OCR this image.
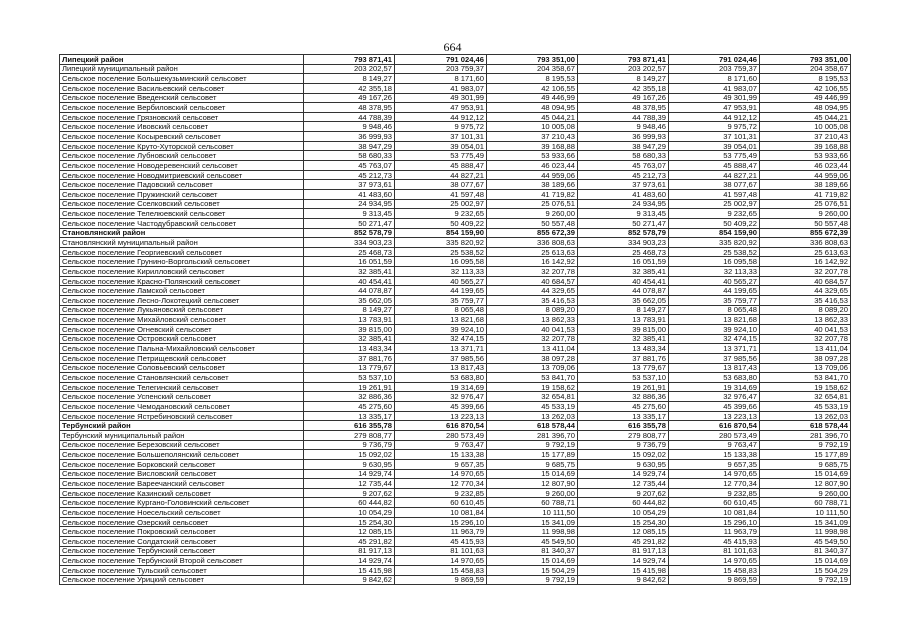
664
Липецкий район	793 871,41	791 024,46	793 351,00	793 871,41	791 024,46	793 351,00
Липецкий муниципальный район	203 202,57	203 759,37	204 358,67	203 202,57	203 759,37	204 358,67
Сельское поселение Большекузьминский сельсовет	8 149,27	8 171,60	8 195,53	8 149,27	8 171,60	8 195,53
Сельское поселение Васильевский сельсовет	42 355,18	41 983,07	42 106,55	42 355,18	41 983,07	42 106,55
Сельское поселение Введенский сельсовет	49 167,26	49 301,99	49 446,99	49 167,26	49 301,99	49 446,99
Сельское поселение Вербиловский сельсовет	48 378,95	47 953,91	48 094,95	48 378,95	47 953,91	48 094,95
Сельское поселение Грязновский сельсовет	44 788,39	44 912,12	45 044,21	44 788,39	44 912,12	45 044,21
Сельское поселение Ивовский сельсовет	9 948,46	9 975,72	10 005,08	9 948,46	9 975,72	10 005,08
Сельское поселение Косыревский сельсовет	36 999,93	37 101,31	37 210,43	36 999,93	37 101,31	37 210,43
Сельское поселение Круто-Хуторской сельсовет	38 947,29	39 054,01	39 168,88	38 947,29	39 054,01	39 168,88
Сельское поселение Лубновский сельсовет	58 680,33	53 775,49	53 933,66	58 680,33	53 775,49	53 933,66
Сельское поселение Новодеревенский сельсовет	45 763,07	45 888,47	46 023,44	45 763,07	45 888,47	46 023,44
Сельское поселение Новодмитриевский сельсовет	45 212,73	44 827,21	44 959,06	45 212,73	44 827,21	44 959,06
Сельское поселение Падовский сельсовет	37 973,61	38 077,67	38 189,66	37 973,61	38 077,67	38 189,66
Сельское поселение Пружинский сельсовет	41 483,60	41 597,48	41 719,82	41 483,60	41 597,48	41 719,82
Сельское поселение Сселковский сельсовет	24 934,95	25 002,97	25 076,51	24 934,95	25 002,97	25 076,51
Сельское поселение Телелюевский сельсовет	9 313,45	9 232,65	9 260,00	9 313,45	9 232,65	9 260,00
Сельское поселение Частодубравский сельсовет	50 271,47	50 409,22	50 557,48	50 271,47	50 409,22	50 557,48
Становлянский район	852 578,79	854 159,90	855 672,39	852 578,79	854 159,90	855 672,39
Становлянский муниципальный район	334 903,23	335 820,92	336 808,63	334 903,23	335 820,92	336 808,63
Сельское поселение Георгиевский сельсовет	25 468,73	25 538,52	25 613,63	25 468,73	25 538,52	25 613,63
Сельское поселение Грунинo-Воргольский сельсовет	16 051,59	16 095,58	16 142,92	16 051,59	16 095,58	16 142,92
Сельское поселение Кириллoвский сельсовет	32 385,41	32 113,33	32 207,78	32 385,41	32 113,33	32 207,78
Сельское поселение Красно-Полянский сельсовет	40 454,41	40 565,27	40 684,57	40 454,41	40 565,27	40 684,57
Сельское поселение Ламской сельсовет	44 078,87	44 199,65	44 329,65	44 078,87	44 199,65	44 329,65
Сельское поселение Лесно-Локотецкий сельсовет	35 662,05	35 759,77	35 416,53	35 662,05	35 759,77	35 416,53
Сельское поселение Лукьяновский сельсовет	8 149,27	8 065,48	8 089,20	8 149,27	8 065,48	8 089,20
Сельское поселение Михайловский сельсовет	13 783,91	13 821,68	13 862,33	13 783,91	13 821,68	13 862,33
Сельское поселение Огневский сельсовет	39 815,00	39 924,10	40 041,53	39 815,00	39 924,10	40 041,53
Сельское поселение Островский сельсовет	32 385,41	32 474,15	32 207,78	32 385,41	32 474,15	32 207,78
Сельское поселение Пальна-Михайловский сельсовет	13 483,34	13 371,71	13 411,04	13 483,34	13 371,71	13 411,04
Сельское поселение Петрищевский сельсовет	37 881,76	37 985,56	38 097,28	37 881,76	37 985,56	38 097,28
Сельское поселение Соловьевский сельсовет	13 779,67	13 817,43	13 709,06	13 779,67	13 817,43	13 709,06
Сельское поселение Становлянский сельсовет	53 537,10	53 683,80	53 841,70	53 537,10	53 683,80	53 841,70
Сельское поселение Телегинский сельсовет	19 261,91	19 314,69	19 158,62	19 261,91	19 314,69	19 158,62
Сельское поселение Успенский сельсовет	32 886,36	32 976,47	32 654,81	32 886,36	32 976,47	32 654,81
Сельское поселение Чемодановский сельсовет	45 275,60	45 399,66	45 533,19	45 275,60	45 399,66	45 533,19
Сельское поселение Ястребиновский сельсовет	13 335,17	13 223,13	13 262,03	13 335,17	13 223,13	13 262,03
Тербунский район	616 355,78	616 870,54	618 578,44	616 355,78	616 870,54	618 578,44
Тербунский муниципальный район	279 808,77	280 573,49	281 396,70	279 808,77	280 573,49	281 396,70
Сельское поселение Березовский сельсовет	9 736,79	9 763,47	9 792,19	9 736,79	9 763,47	9 792,19
Сельское поселение Большеполянский сельсовет	15 092,02	15 133,38	15 177,89	15 092,02	15 133,38	15 177,89
Сельское поселение Борковский сельсовет	9 630,95	9 657,35	9 685,75	9 630,95	9 657,35	9 685,75
Сельское поселение Висловский сельсовет	14 929,74	14 970,65	15 014,69	14 929,74	14 970,65	15 014,69
Сельское поселение Вареечанский сельсовет	12 735,44	12 770,34	12 807,90	12 735,44	12 770,34	12 807,90
Сельское поселение Казинский сельсовет	9 207,62	9 232,85	9 260,00	9 207,62	9 232,85	9 260,00
Сельское поселение Курганo-Головинский сельсовет	60 444,82	60 610,45	60 788,71	60 444,82	60 610,45	60 788,71
Сельское поселение Ноеcельский сельсовет	10 054,29	10 081,84	10 111,50	10 054,29	10 081,84	10 111,50
Сельское поселение Озерский сельсовет	15 254,30	15 296,10	15 341,09	15 254,30	15 296,10	15 341,09
Сельское поселение Покровский сельсовет	12 085,15	11 963,79	11 998,98	12 085,15	11 963,79	11 998,98
Сельское поселение Солдатский сельсовет	45 291,82	45 415,93	45 549,50	45 291,82	45 415,93	45 549,50
Сельское поселение Тербунский сельсовет	81 917,13	81 101,63	81 340,37	81 917,13	81 101,63	81 340,37
Сельское поселение Тербунский Второй сельсовет	14 929,74	14 970,65	15 014,69	14 929,74	14 970,65	15 014,69
Сельское поселение Тульский сельсовет	15 415,98	15 458,83	15 504,29	15 415,98	15 458,83	15 504,29
Сельское поселение Урицкий сельсовет	9 842,62	9 869,59	9 792,19	9 842,62	9 869,59	9 792,19
